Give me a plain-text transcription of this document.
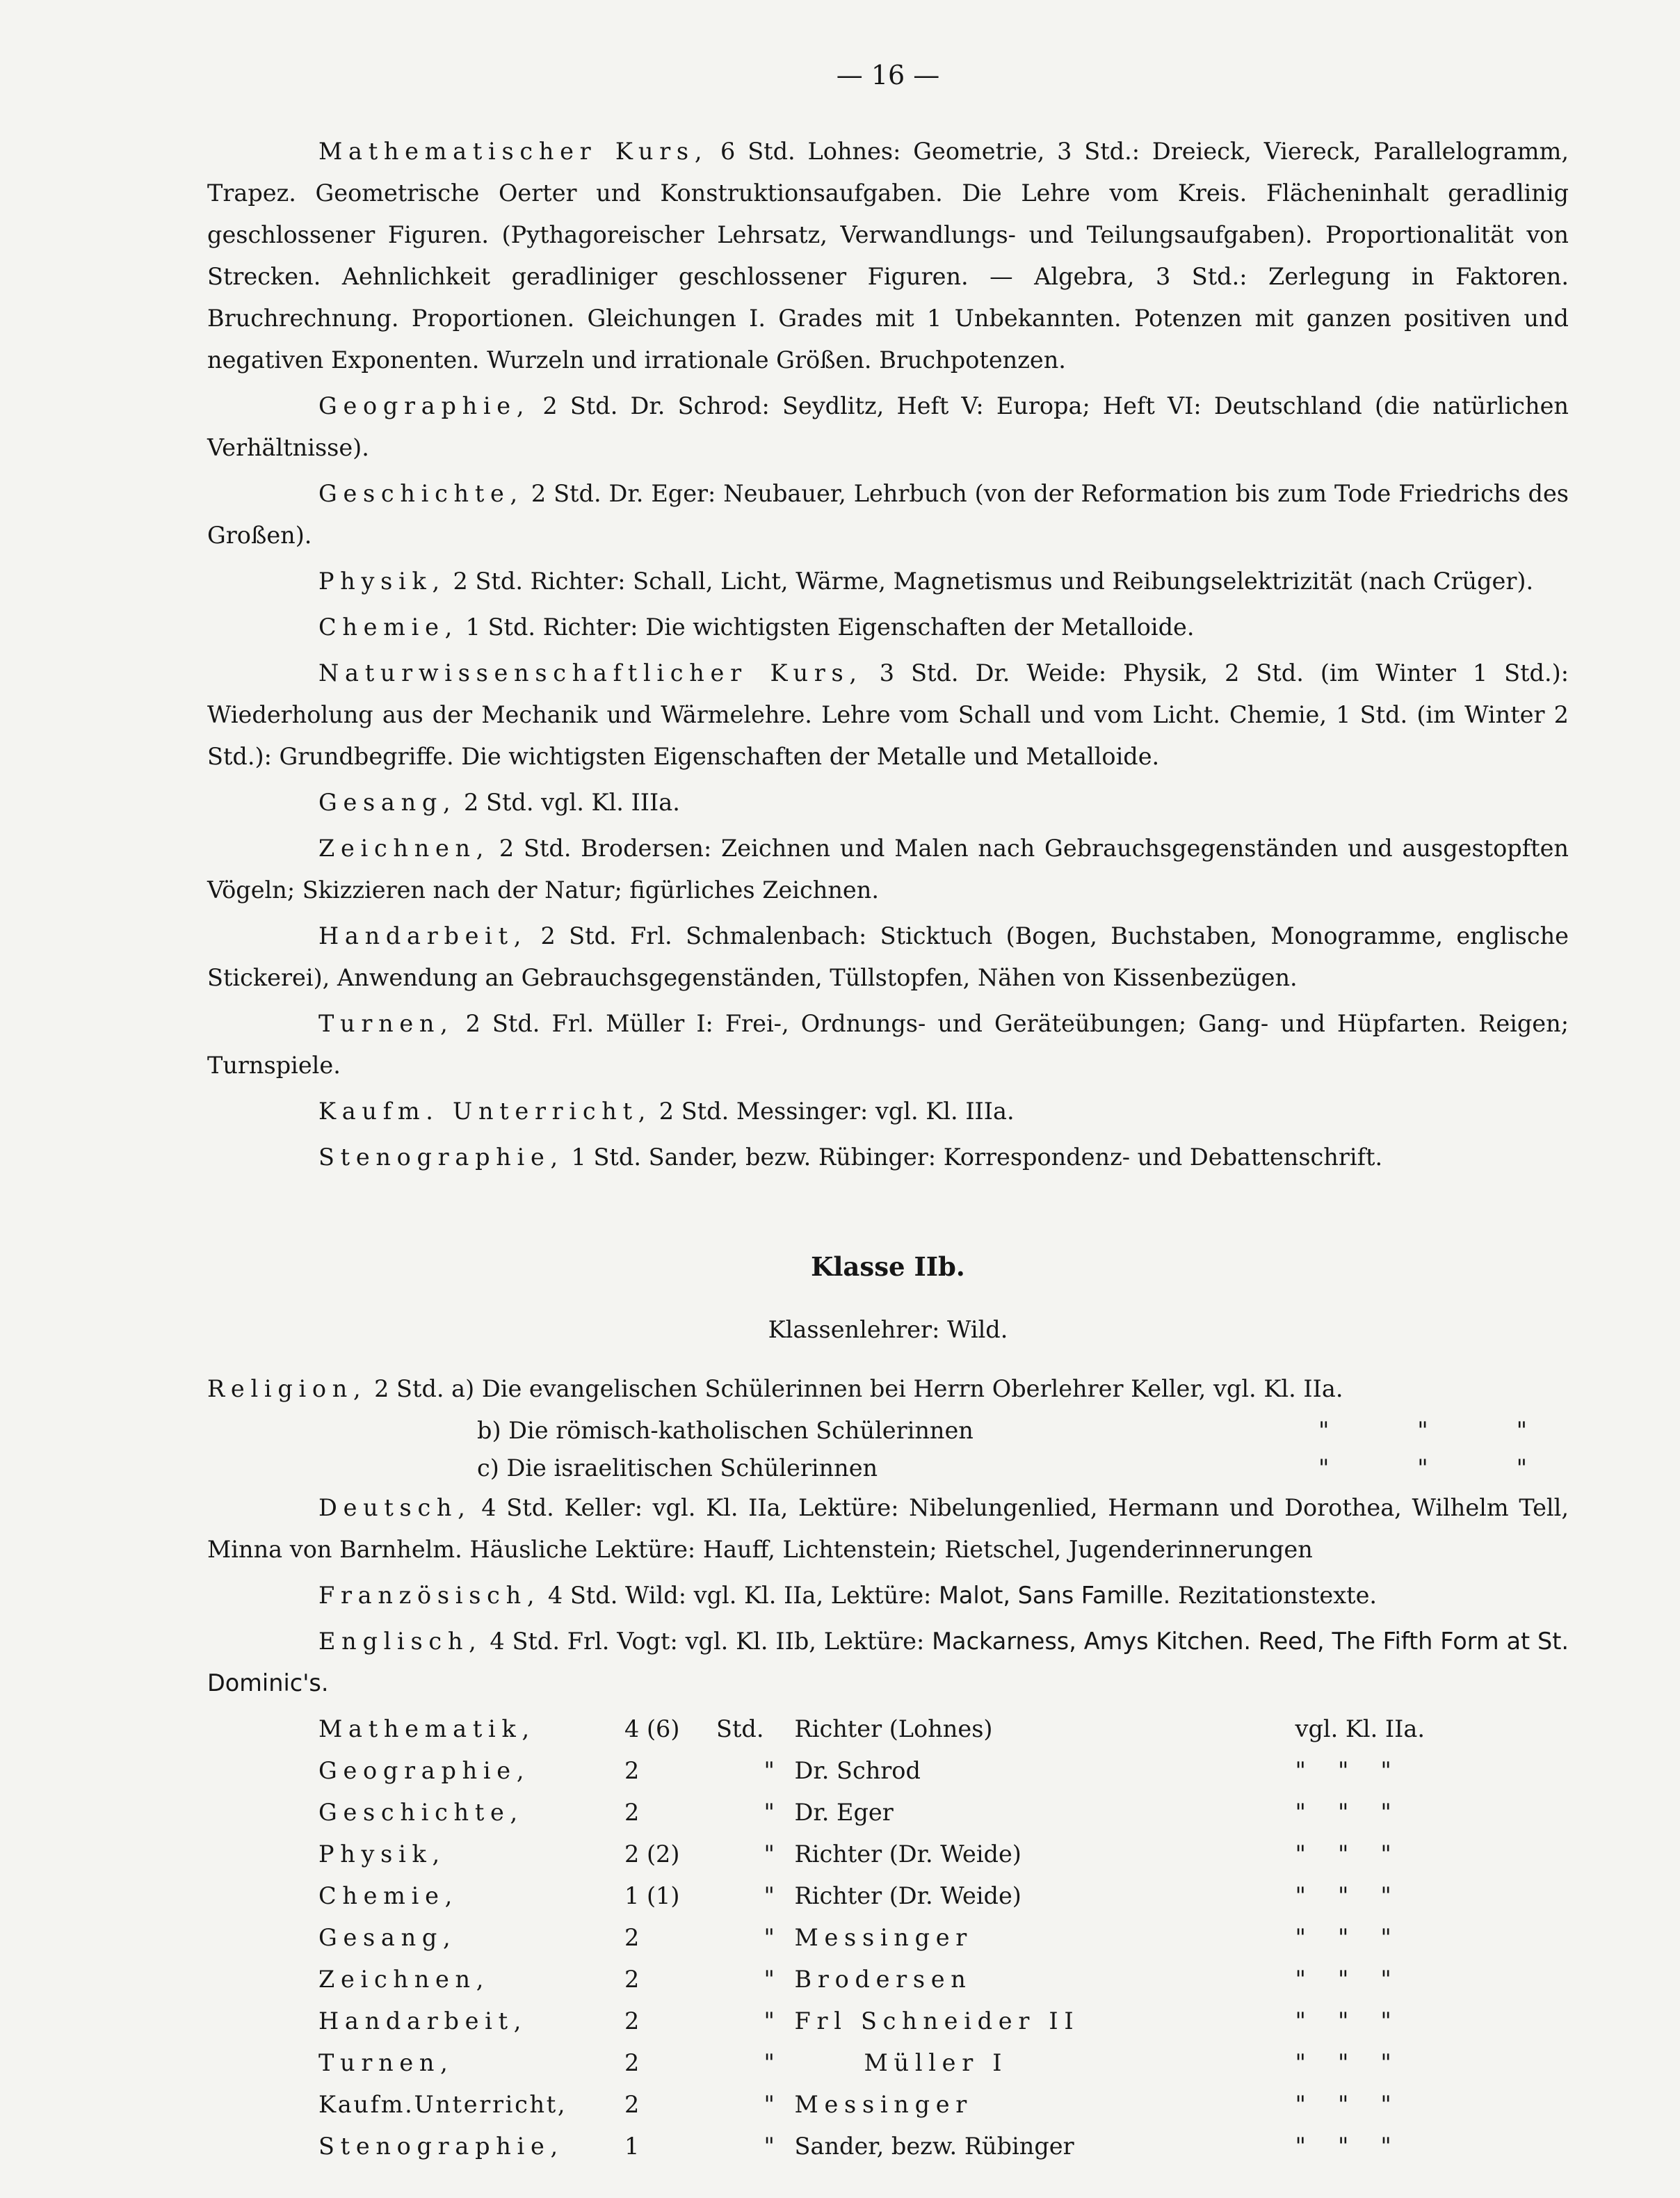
— 16 —

Mathematischer Kurs, 6 Std. Lohnes: Geometrie, 3 Std.: Dreieck, Viereck, Parallelogramm, Trapez. Geometrische Oerter und Konstruktionsaufgaben. Die Lehre vom Kreis. Flächeninhalt geradlinig geschlossener Figuren. (Pythagoreischer Lehrsatz, Verwandlungs- und Teilungsaufgaben). Proportionalität von Strecken. Aehnlichkeit geradliniger geschlossener Figuren. — Algebra, 3 Std.: Zerlegung in Faktoren. Bruchrechnung. Proportionen. Gleichungen I. Grades mit 1 Unbekannten. Potenzen mit ganzen positiven und negativen Exponenten. Wurzeln und irrationale Größen. Bruchpotenzen.

Geographie, 2 Std. Dr. Schrod: Seydlitz, Heft V: Europa; Heft VI: Deutschland (die natürlichen Verhältnisse).

Geschichte, 2 Std. Dr. Eger: Neubauer, Lehrbuch (von der Reformation bis zum Tode Friedrichs des Großen).

Physik, 2 Std. Richter: Schall, Licht, Wärme, Magnetismus und Reibungselektrizität (nach Crüger).

Chemie, 1 Std. Richter: Die wichtigsten Eigenschaften der Metalloide.

Naturwissenschaftlicher Kurs, 3 Std. Dr. Weide: Physik, 2 Std. (im Winter 1 Std.): Wiederholung aus der Mechanik und Wärmelehre. Lehre vom Schall und vom Licht. Chemie, 1 Std. (im Winter 2 Std.): Grundbegriffe. Die wichtigsten Eigenschaften der Metalle und Metalloide.

Gesang, 2 Std. vgl. Kl. IIIa.

Zeichnen, 2 Std. Brodersen: Zeichnen und Malen nach Gebrauchsgegenständen und ausgestopften Vögeln; Skizzieren nach der Natur; figürliches Zeichnen.

Handarbeit, 2 Std. Frl. Schmalenbach: Sticktuch (Bogen, Buchstaben, Monogramme, englische Stickerei), Anwendung an Gebrauchsgegenständen, Tüllstopfen, Nähen von Kissenbezügen.

Turnen, 2 Std. Frl. Müller I: Frei-, Ordnungs- und Geräteübungen; Gang- und Hüpfarten. Reigen; Turnspiele.

Kaufm. Unterricht, 2 Std. Messinger: vgl. Kl. IIIa.

Stenographie, 1 Std. Sander, bezw. Rübinger: Korrespondenz- und Debattenschrift.

Klasse IIb.
Klassenlehrer: Wild.

Religion, 2 Std. a) Die evangelischen Schülerinnen bei Herrn Oberlehrer Keller, vgl. Kl. IIa.

b) Die römisch-katholischen Schülerinnen	"	"	"
c) Die israelitischen Schülerinnen	"	"	"

Deutsch, 4 Std. Keller: vgl. Kl. IIa, Lektüre: Nibelungenlied, Hermann und Dorothea, Wilhelm Tell, Minna von Barnhelm. Häusliche Lektüre: Hauff, Lichtenstein; Rietschel, Jugenderinnerungen

Französisch, 4 Std. Wild: vgl. Kl. IIa, Lektüre: Malot, Sans Famille. Rezitationstexte.

Englisch, 4 Std. Frl. Vogt: vgl. Kl. IIb, Lektüre: Mackarness, Amys Kitchen. Reed, The Fifth Form at St. Dominic's.

Mathematik,	4 (6)	Std.		Richter (Lohnes)	vgl. Kl. IIa.
Geographie,	2		"	Dr. Schrod	" " "

Geschichte,	2		"	Dr. Eger	" " "

Physik,	2 (2)		"	Richter (Dr. Weide)	" " "

Chemie,	1 (1)		"	Richter (Dr. Weide)	" " "

Gesang,	2		"	Messinger	" " "

Zeichnen,	2		"	Brodersen	" " "

Handarbeit,	2		"	Frl Schneider II	" " "

Turnen,	2		"	Müller I	" " "

Kaufm.Unterricht,	2		"	Messinger	" " "

Stenographie,	1		"	Sander, bezw. Rübinger	" " "
